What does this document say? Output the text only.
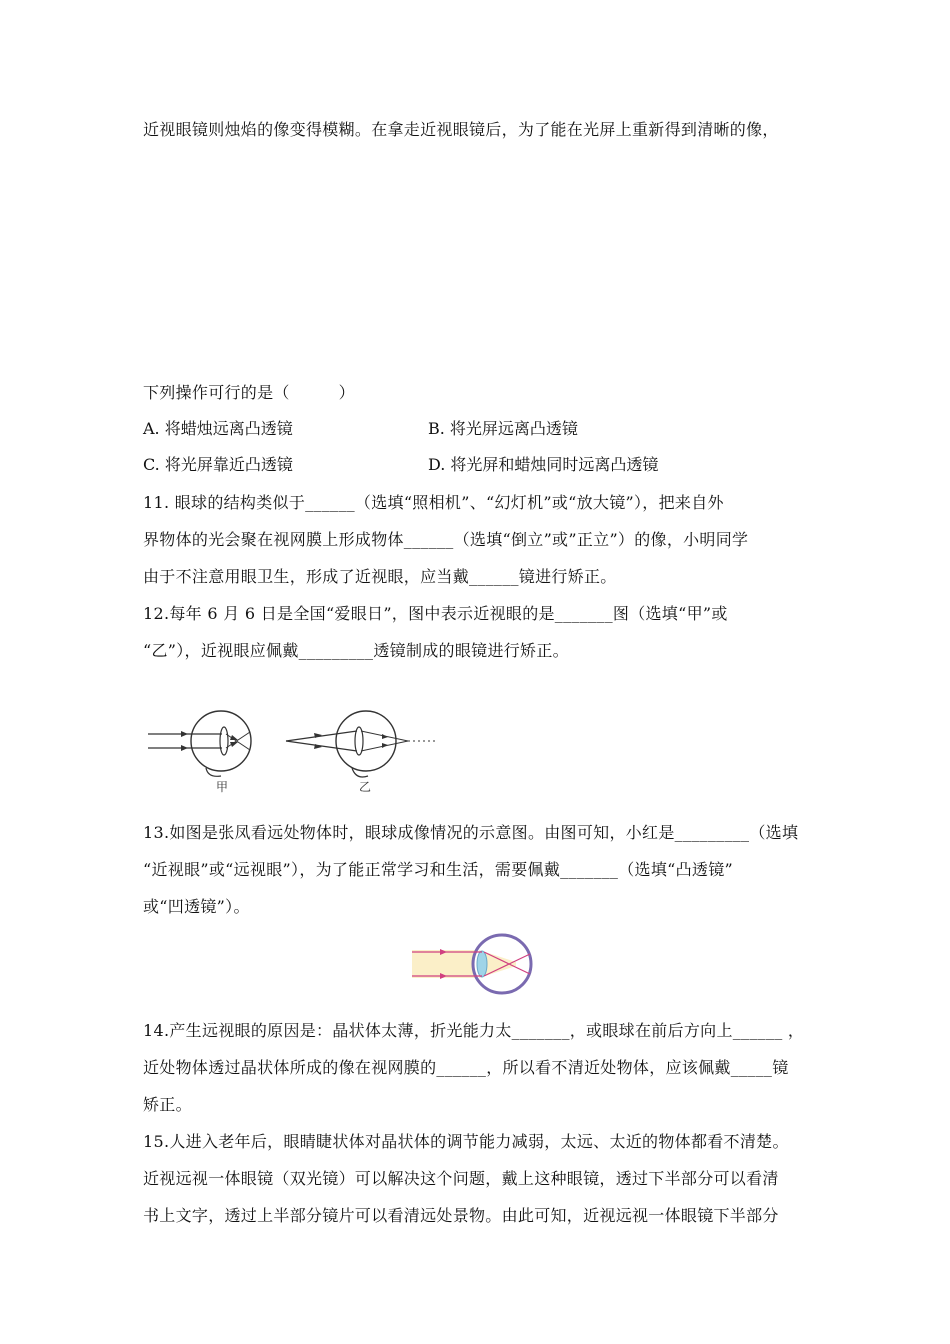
近视眼镜则烛焰的像变得模糊。在拿走近视眼镜后，为了能在光屏上重新得到清晰的像，
下列操作可行的是（　　　）
A. 将蜡烛远离凸透镜	B. 将光屏远离凸透镜
C. 将光屏靠近凸透镜	D. 将光屏和蜡烛同时远离凸透镜
11. 眼球的结构类似于______（选填“照相机”、“幻灯机”或“放大镜”），把来自外
界物体的光会聚在视网膜上形成物体______（选填“倒立”或”正立”）的像，小明同学
由于不注意用眼卫生，形成了近视眼，应当戴______镜进行矫正。
12.每年 6 月 6 日是全国“爱眼日”，图中表示近视眼的是_______图（选填“甲”或
“乙”），近视眼应佩戴_________透镜制成的眼镜进行矫正。
甲	乙
13.如图是张凤看远处物体时，眼球成像情况的示意图。由图可知，小红是_________（选填
“近视眼”或“远视眼”），为了能正常学习和生活，需要佩戴_______（选填“凸透镜”
或“凹透镜”）。
14.产生远视眼的原因是：晶状体太薄，折光能力太_______，或眼球在前后方向上______ ，
近处物体透过晶状体所成的像在视网膜的______，所以看不清近处物体，应该佩戴_____镜
矫正。
15.人进入老年后，眼睛睫状体对晶状体的调节能力减弱，太远、太近的物体都看不清楚。
近视远视一体眼镜（双光镜）可以解决这个问题，戴上这种眼镜，透过下半部分可以看清
书上文字，透过上半部分镜片可以看清远处景物。由此可知，近视远视一体眼镜下半部分
